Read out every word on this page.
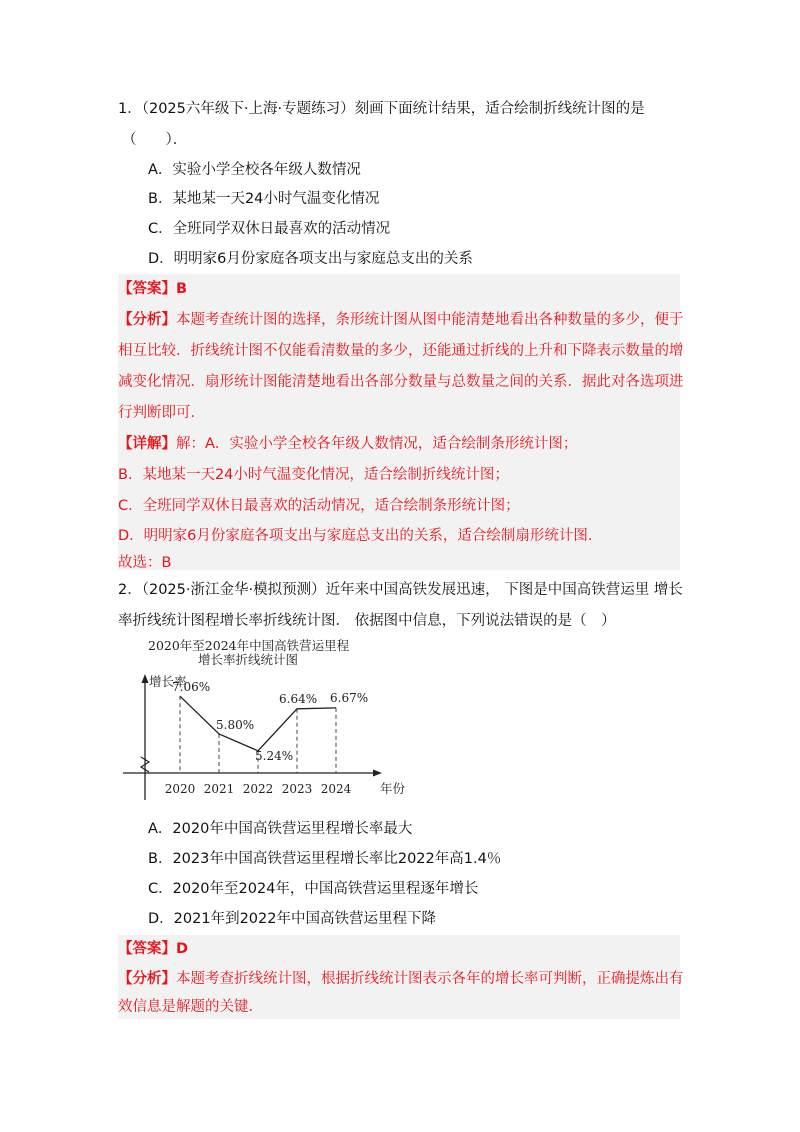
1．（2025六年级下·上海·专题练习）刻画下面统计结果，适合绘制折线统计图的是
（　　）．
A．实验小学全校各年级人数情况
B．某地某一天24小时气温变化情况
C．全班同学双休日最喜欢的活动情况
D．明明家6月份家庭各项支出与家庭总支出的关系
【答案】B
【分析】本题考查统计图的选择，条形统计图从图中能清楚地看出各种数量的多少，便于
相互比较．折线统计图不仅能看清数量的多少，还能通过折线的上升和下降表示数量的增
减变化情况．扇形统计图能清楚地看出各部分数量与总数量之间的关系．据此对各选项进
行判断即可．
【详解】解：A．实验小学全校各年级人数情况，适合绘制条形统计图；
B．某地某一天24小时气温变化情况，适合绘制折线统计图；
C．全班同学双休日最喜欢的活动情况，适合绘制条形统计图；
D．明明家6月份家庭各项支出与家庭总支出的关系，适合绘制扇形统计图．
故选：B
2．（2025·浙江金华·模拟预测）近年来中国高铁发展迅速， 下图是中国高铁营运里 增长
率折线统计图程增长率折线统计图． 依据图中信息，下列说法错误的是（　）
2020年至2024年中国高铁营运里程
增长率折线统计图
增长率
年份
2020 2021 2022 2023 2024
7.06%
5.80%
5.24%
6.64% 6.67%
A．2020年中国高铁营运里程增长率最大
B．2023年中国高铁营运里程增长率比2022年高1.4％
C．2020年至2024年，中国高铁营运里程逐年增长
D．2021年到2022年中国高铁营运里程下降
【答案】D
【分析】本题考查折线统计图，根据折线统计图表示各年的增长率可判断，正确提炼出有
效信息是解题的关键．
